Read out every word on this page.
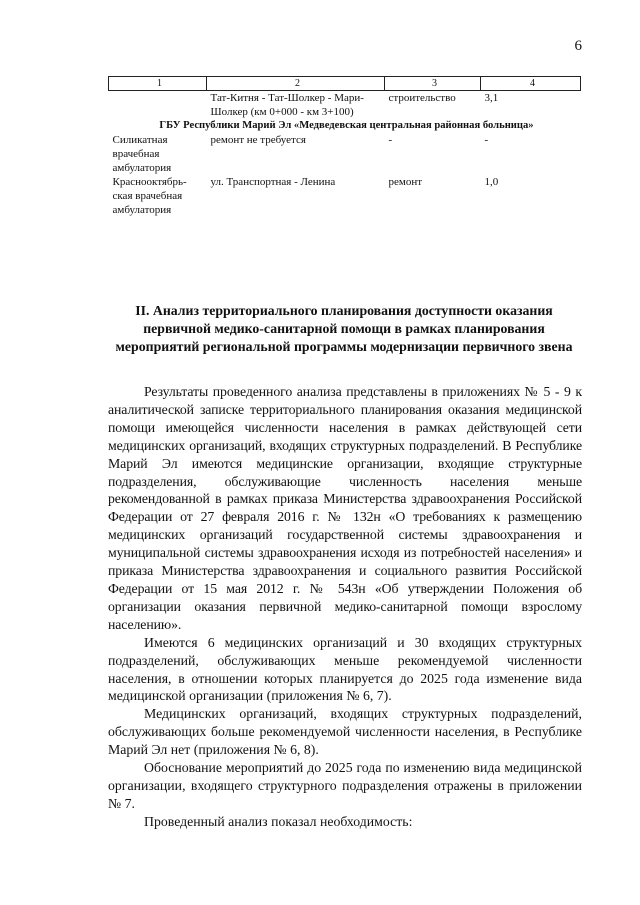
6
1	2	3	4
	Тат-Китня - Тат-Шолкер - Мари-Шолкер (км 0+000 - км 3+100)	строительство	3,1
ГБУ Республики Марий Эл «Медведевская центральная районная больница»			
Силикатная врачебная амбулатория	ремонт не требуется	-	-
Краснооктябрь-ская врачебная амбулатория	ул. Транспортная - Ленина	ремонт	1,0
II. Анализ территориального планирования доступности оказания первичной медико-санитарной помощи в рамках планирования мероприятий региональной программы модернизации первичного звена

Результаты проведенного анализа представлены в приложениях № 5 - 9 к аналитической записке территориального планирования оказания медицинской помощи имеющейся численности населения в рамках действующей сети медицинских организаций, входящих структурных подразделений. В Республике Марий Эл имеются медицинские организации, входящие структурные подразделения, обслуживающие численность населения меньше рекомендованной в рамках приказа Министерства здравоохранения Российской Федерации от 27 февраля 2016 г. № 132н «О требованиях к размещению медицинских организаций государственной системы здравоохранения и муниципальной системы здравоохранения исходя из потребностей населения» и приказа Министерства здравоохранения и социального развития Российской Федерации от 15 мая 2012 г. № 543н «Об утверждении Положения об организации оказания первичной медико-санитарной помощи взрослому населению».

Имеются 6 медицинских организаций и 30 входящих структурных подразделений, обслуживающих меньше рекомендуемой численности населения, в отношении которых планируется до 2025 года изменение вида медицинской организации (приложения № 6, 7).

Медицинских организаций, входящих структурных подразделений, обслуживающих больше рекомендуемой численности населения, в Республике Марий Эл нет (приложения № 6, 8).

Обоснование мероприятий до 2025 года по изменению вида медицинской организации, входящего структурного подразделения отражены в приложении № 7.

Проведенный анализ показал необходимость:
